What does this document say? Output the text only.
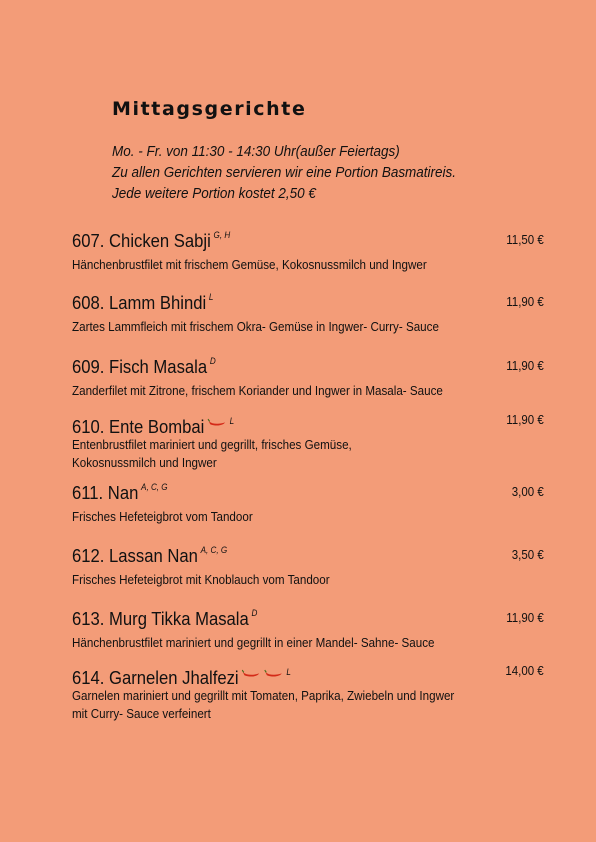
Mittagsgerichte
Mo. - Fr. von 11:30 - 14:30 Uhr(außer Feiertags)
Zu allen Gerichten servieren wir eine Portion Basmatireis.
Jede weitere Portion kostet 2,50 €
607. Chicken Sabji $^{G, H}$	11,50 €
Hänchenbrustfilet mit frischem Gemüse, Kokosnussmilch und Ingwer
608. Lamm Bhindi $^L$	11,90 €
Zartes Lammfleich mit frischem Okra- Gemüse in Ingwer- Curry- Sauce
609. Fisch Masala $^D$	11,90 €
Zanderfilet mit Zitrone, frischem Koriander und Ingwer in Masala- Sauce
610. Ente Bombai	$^L$	11,90 €
Entenbrustfilet mariniert und gegrillt, frisches Gemüse,
Kokosnussmilch und Ingwer
611. Nan $^{A, C, G}$	3,00 €
Frisches Hefeteigbrot vom Tandoor
612. Lassan Nan $^{A, C, G}$	3,50 €
Frisches Hefeteigbrot mit Knoblauch vom Tandoor
613. Murg Tikka Masala $^D$	11,90 €
Hänchenbrustfilet mariniert und gegrillt in einer Mandel- Sahne- Sauce
614. Garnelen Jhalfezi	$^L$	14,00 €
Garnelen mariniert und gegrillt mit Tomaten, Paprika, Zwiebeln und Ingwer
mit Curry- Sauce verfeinert
